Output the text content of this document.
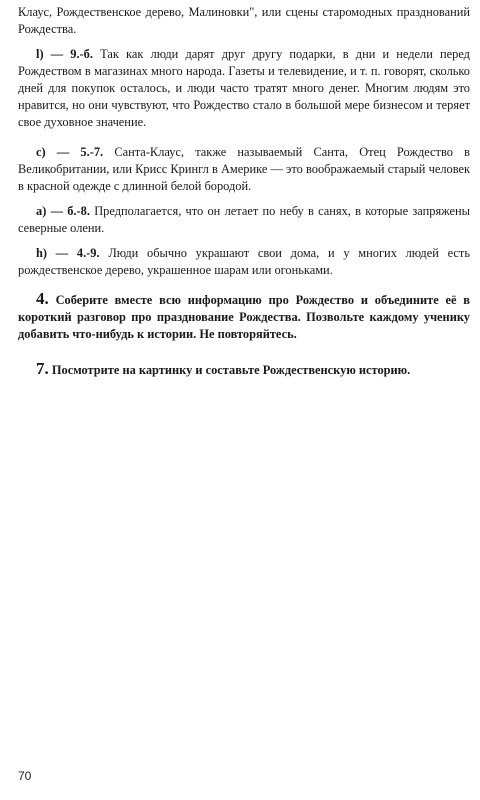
Клаус, Рождественское дерево, Малиновки", или сцены старомодных празднований Рождества.

l) — 9.-б. Так как люди дарят друг другу подарки, в дни и недели перед Рождеством в магазинах много народа. Газеты и телевидение, и т. п. говорят, сколько дней для покупок осталось, и люди часто тратят много денег. Многим людям это нравится, но они чувствуют, что Рождество стало в большой мере бизнесом и теряет свое духовное значение.

c) — 5.-7. Санта-Клаус, также называемый Санта, Отец Рождество в Великобритании, или Крисс Крингл в Америке — это воображаемый старый человек в красной одежде с длинной белой бородой.

a) — б.-8. Предполагается, что он летает по небу в санях, в которые запряжены северные олени.

h) — 4.-9. Люди обычно украшают свои дома, и у многих людей есть рождественское дерево, украшенное шарам или огоньками.

4. Соберите вместе всю информацию про Рождество и объедините её в короткий разговор про празднование Рождества. Позвольте каждому ученику добавить что-нибудь к истории. Не повторяйтесь.

7. Посмотрите на картинку и составьте Рождественскую историю.

70
